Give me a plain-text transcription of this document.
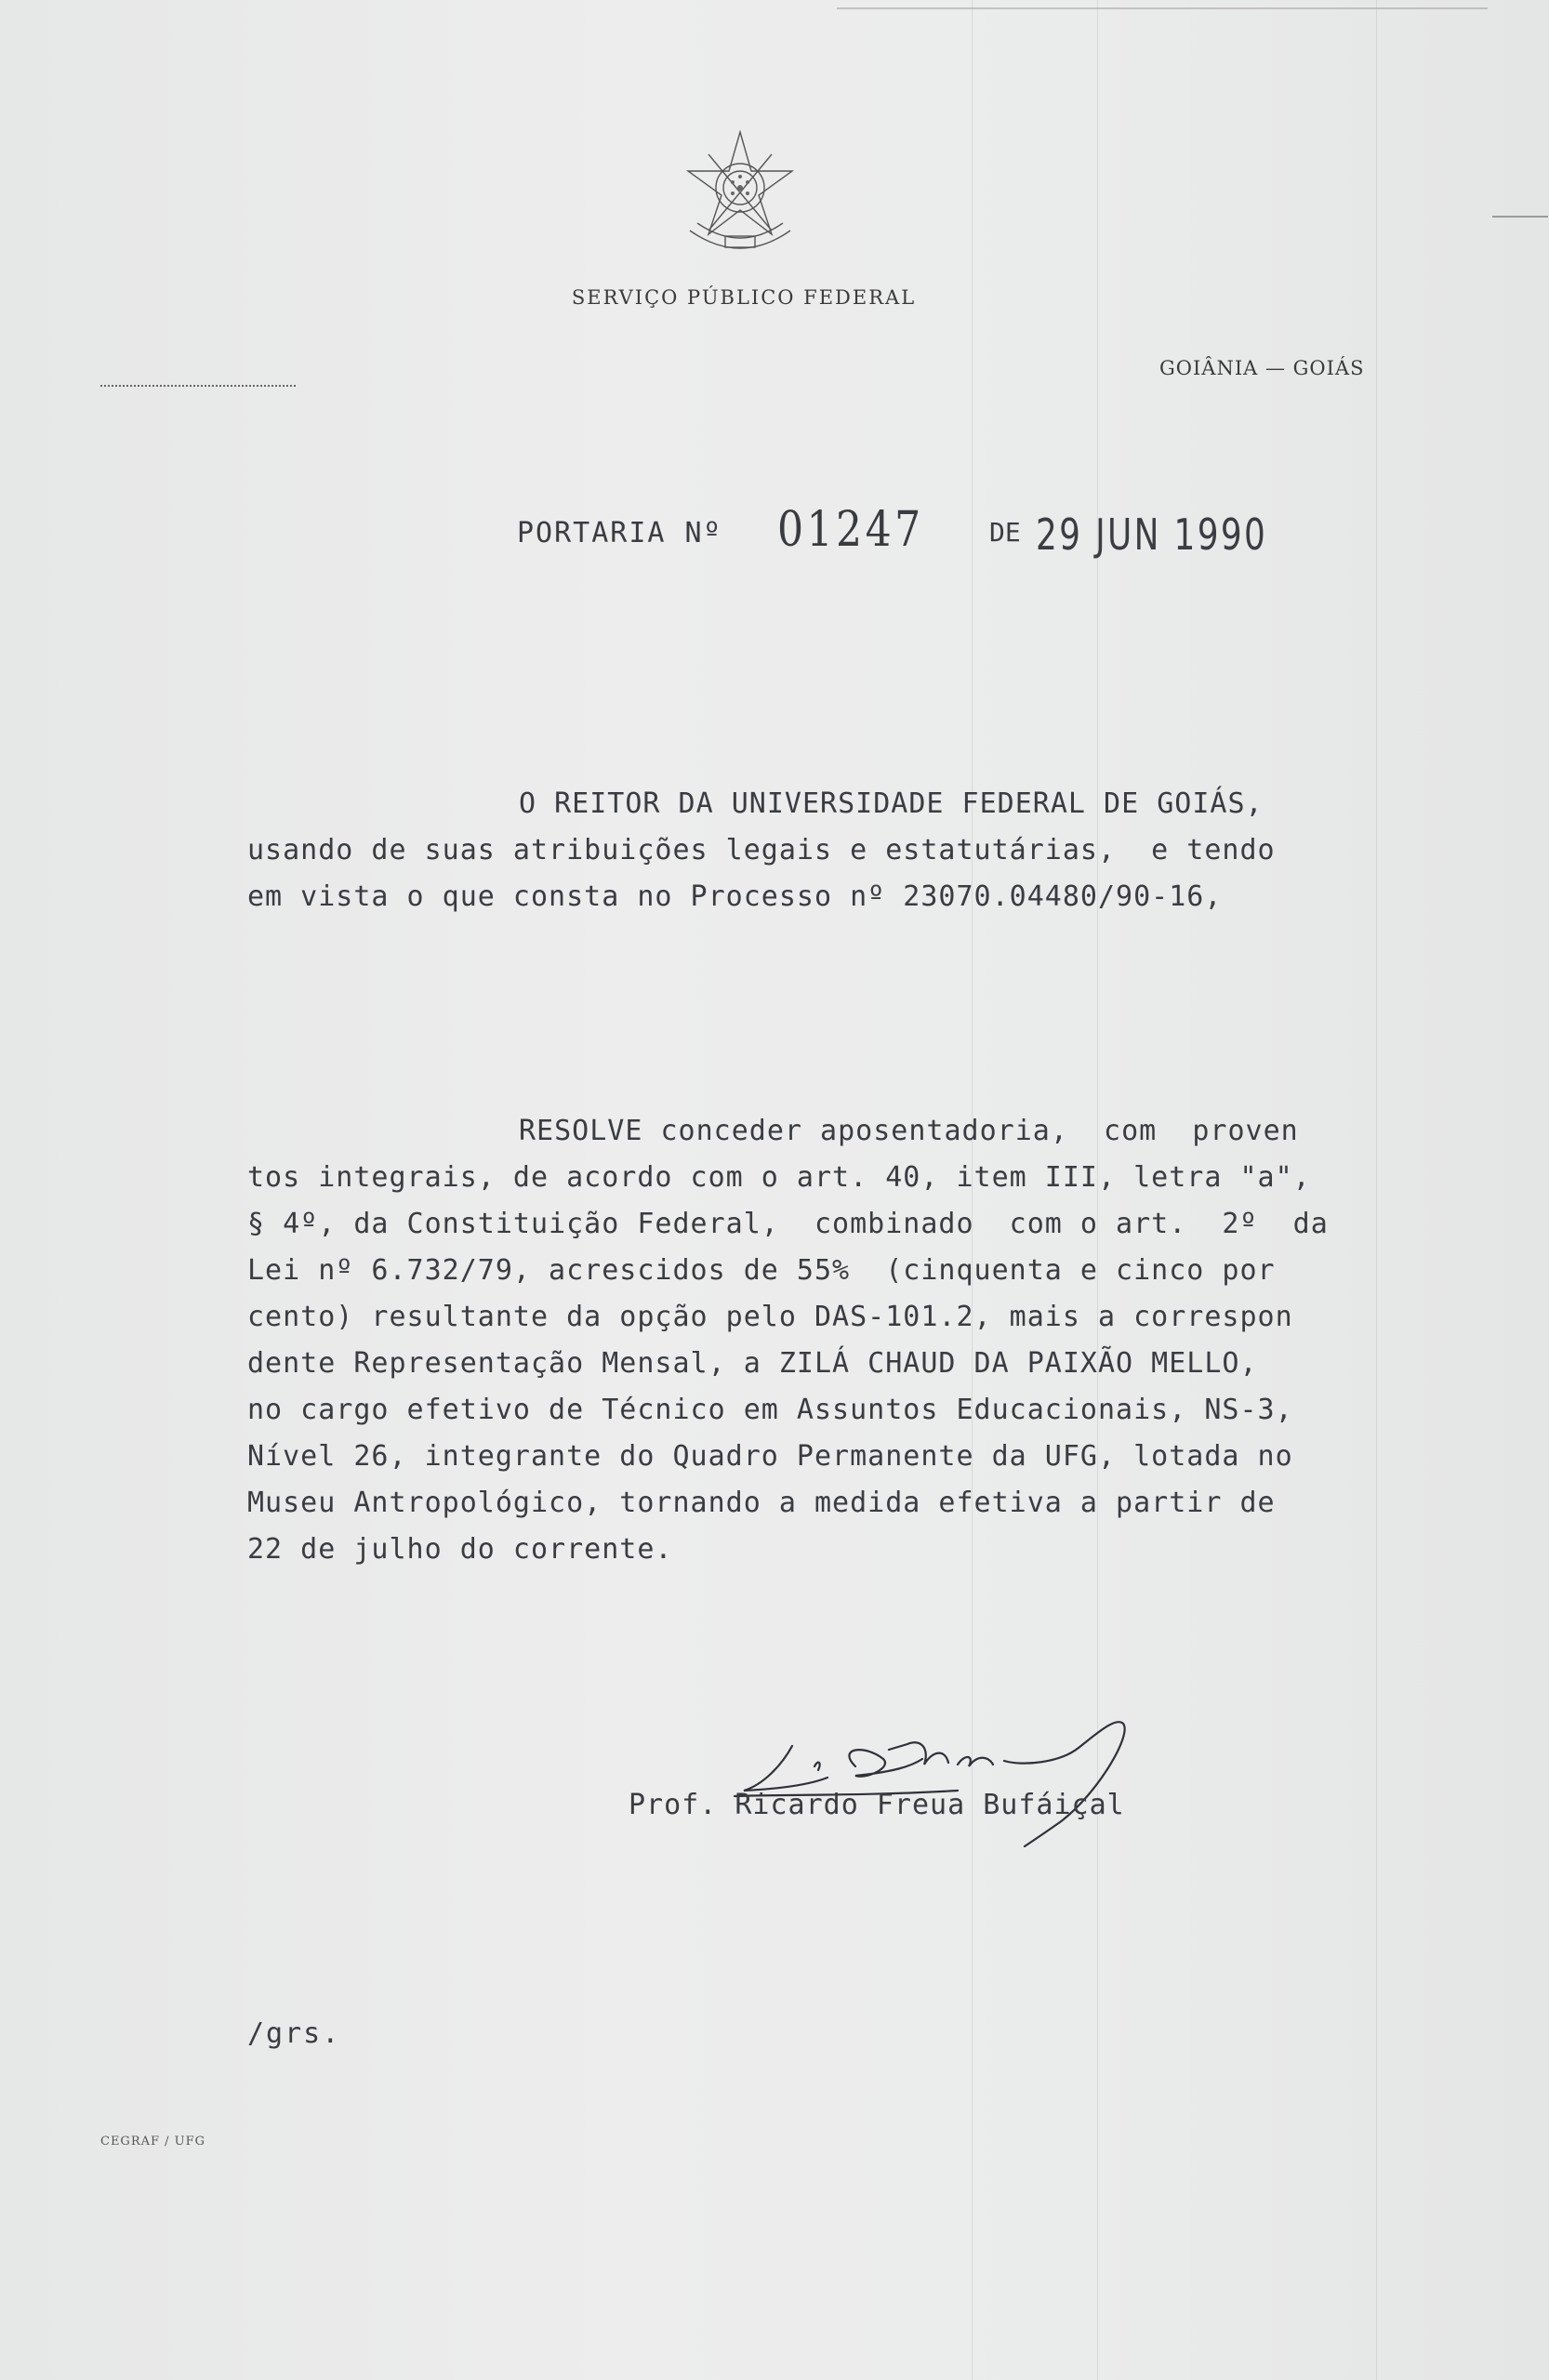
SERVIÇO PÚBLICO FEDERAL
GOIÂNIA — GOIÁS
PORTARIA Nº 01247	DE 29 JUN 1990
O REITOR DA UNIVERSIDADE FEDERAL DE GOIÁS,
usando de suas atribuições legais e estatutárias,  e tendo
em vista o que consta no Processo nº 23070.04480/90-16,
RESOLVE conceder aposentadoria,  com  proven
tos integrais, de acordo com o art. 40, item III, letra "a",
§ 4º, da Constituição Federal,  combinado  com o art.  2º  da
Lei nº 6.732/79, acrescidos de 55%  (cinquenta e cinco por
cento) resultante da opção pelo DAS-101.2, mais a correspon
dente Representação Mensal, a ZILÁ CHAUD DA PAIXÃO MELLO,
no cargo efetivo de Técnico em Assuntos Educacionais, NS-3,
Nível 26, integrante do Quadro Permanente da UFG, lotada no
Museu Antropológico, tornando a medida efetiva a partir de
22 de julho do corrente.
Prof. Ricardo Freua Bufáiçal
/grs.
CEGRAF / UFG
